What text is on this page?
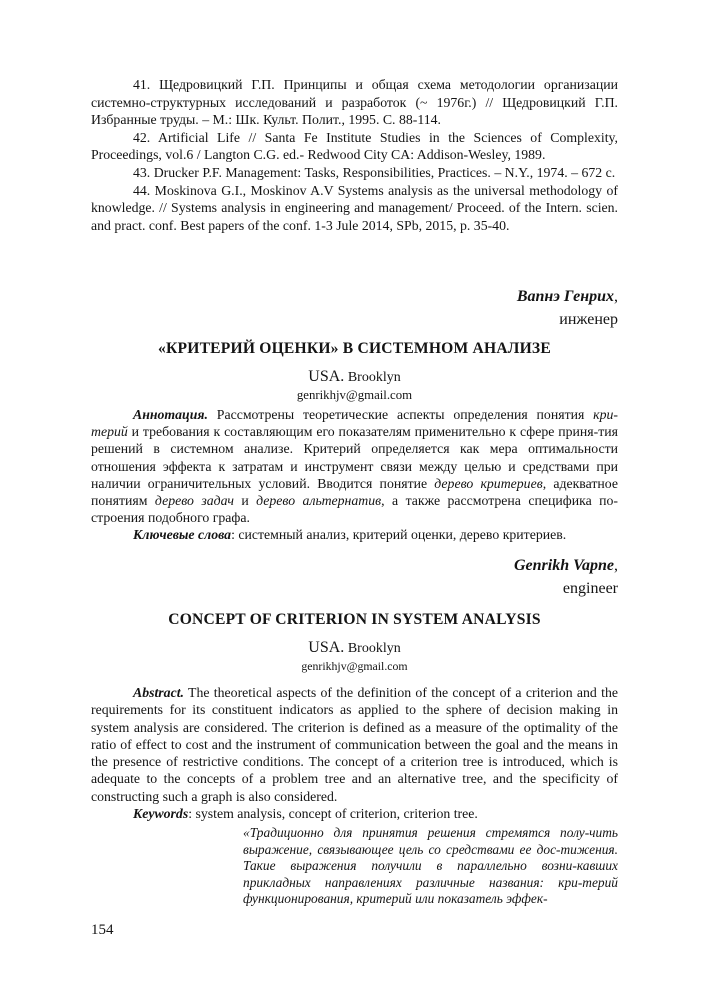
41. Щедровицкий Г.П. Принципы и общая схема методологии организации системно-структурных исследований и разработок (~ 1976г.) // Щедровицкий Г.П. Избранные труды. – М.: Шк. Культ. Полит., 1995. С. 88-114.

42. Artificial Life // Santa Fe Institute Studies in the Sciences of Complexity, Proceedings, vol.6 / Langton C.G. ed.- Redwood City CA: Addison-Wesley, 1989.

43. Drucker P.F. Management: Tasks, Responsibilities, Practices. – N.Y., 1974. – 672 c.

44. Moskinova G.I., Moskinov A.V Systems analysis as the universal methodology of knowledge. // Systems analysis in engineering and management/ Proceed. of the Intern. scien. and pract. conf. Best papers of the conf. 1-3 Jule 2014, SPb, 2015, p. 35-40.

Вапнэ Генрих,

инженер

«КРИТЕРИЙ ОЦЕНКИ» В СИСТЕМНОМ АНАЛИЗЕ

USA. Brooklyn

genrikhjv@gmail.com

Аннотация. Рассмотрены теоретические аспекты определения понятия кри-терий и требования к составляющим его показателям применительно к сфере приня-тия решений в системном анализе. Критерий определяется как мера оптимальности отношения эффекта к затратам и инструмент связи между целью и средствами при наличии ограничительных условий. Вводится понятие дерево критериев, адекватное понятиям дерево задач и дерево альтернатив, а также рассмотрена специфика по-строения подобного графа.

Ключевые слова: системный анализ, критерий оценки, дерево критериев.

Genrikh Vapne,

engineer

CONCEPT OF CRITERION IN SYSTEM ANALYSIS

USA. Brooklyn

genrikhjv@gmail.com

Abstract. The theoretical aspects of the definition of the concept of a criterion and the requirements for its constituent indicators as applied to the sphere of decision making in system analysis are considered. The criterion is defined as a measure of the optimality of the ratio of effect to cost and the instrument of communication between the goal and the means in the presence of restrictive conditions. The concept of a criterion tree is introduced, which is adequate to the concepts of a problem tree and an alternative tree, and the specificity of constructing such a graph is also considered.

Keywords: system analysis, concept of criterion, criterion tree.

«Традиционно для принятия решения стремятся полу-чить выражение, связывающее цель со средствами ее дос-тижения. Такие выражения получили в параллельно возни-кавших прикладных направлениях различные названия: кри-терий функционирования, критерий или показатель эффек-

154
